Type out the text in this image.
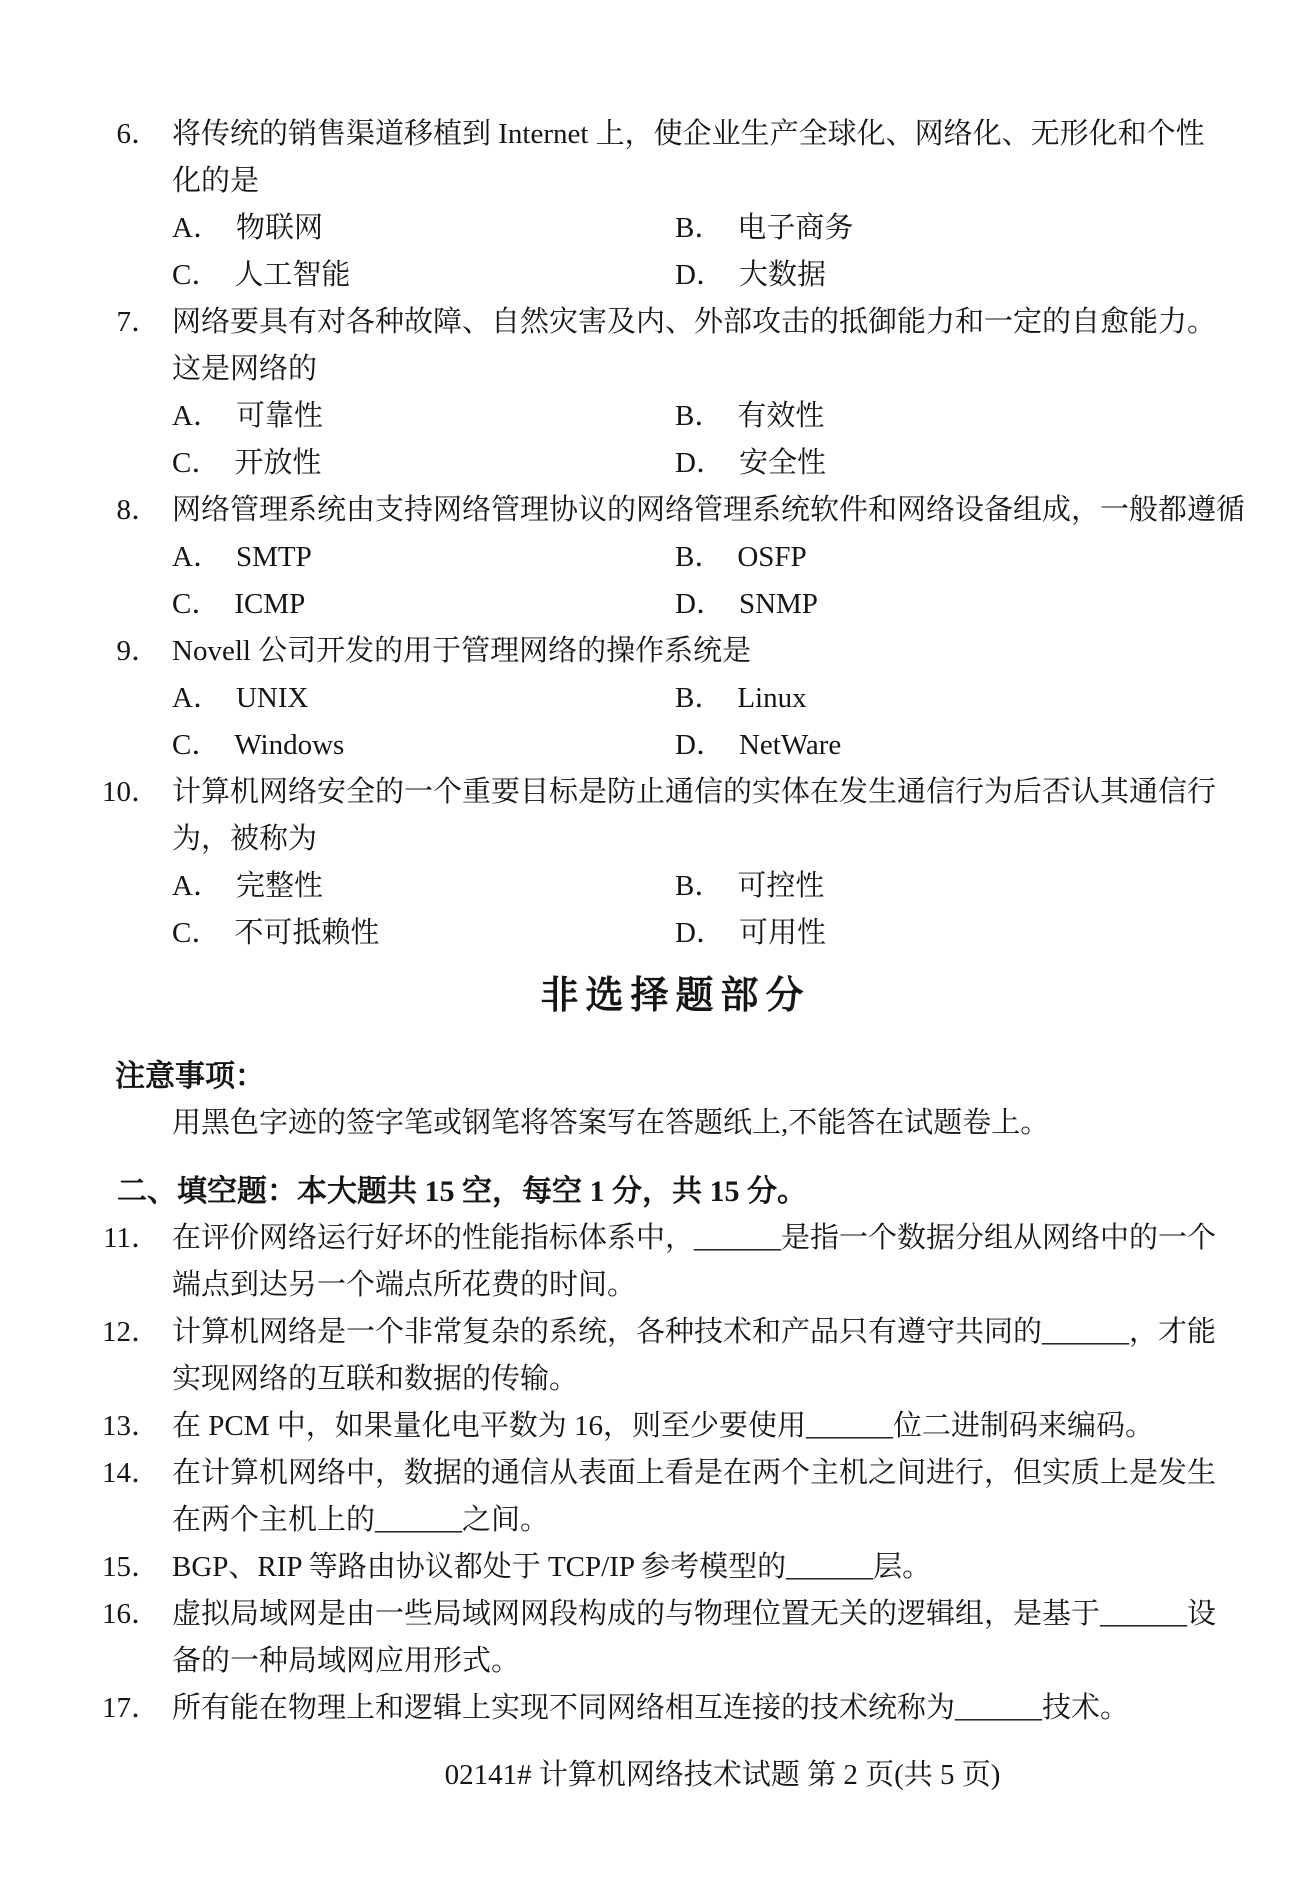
6． 将传统的销售渠道移植到 Internet 上，使企业生产全球化、网络化、无形化和个性
化的是
A． 物联网	B． 电子商务
C． 人工智能	D． 大数据
7． 网络要具有对各种故障、自然灾害及内、外部攻击的抵御能力和一定的自愈能力。
这是网络的
A． 可靠性	B． 有效性
C． 开放性	D． 安全性
8． 网络管理系统由支持网络管理协议的网络管理系统软件和网络设备组成，一般都遵循
A． SMTP	B． OSFP
C． ICMP	D． SNMP
9． Novell 公司开发的用于管理网络的操作系统是
A． UNIX	B． Linux
C． Windows	D． NetWare
10． 计算机网络安全的一个重要目标是防止通信的实体在发生通信行为后否认其通信行
为，被称为
A． 完整性	B． 可控性
C． 不可抵赖性	D． 可用性
非选择题部分
注意事项：
用黑色字迹的签字笔或钢笔将答案写在答题纸上,不能答在试题卷上。
二、填空题：本大题共 15 空，每空 1 分，共 15 分。
11． 在评价网络运行好坏的性能指标体系中，______是指一个数据分组从网络中的一个
端点到达另一个端点所花费的时间。
12． 计算机网络是一个非常复杂的系统，各种技术和产品只有遵守共同的______，才能
实现网络的互联和数据的传输。
13． 在 PCM 中，如果量化电平数为 16，则至少要使用______位二进制码来编码。
14． 在计算机网络中，数据的通信从表面上看是在两个主机之间进行，但实质上是发生
在两个主机上的______之间。
15． BGP、RIP 等路由协议都处于 TCP/IP 参考模型的______层。
16． 虚拟局域网是由一些局域网网段构成的与物理位置无关的逻辑组，是基于______设
备的一种局域网应用形式。
17． 所有能在物理上和逻辑上实现不同网络相互连接的技术统称为______技术。
02141# 计算机网络技术试题 第 2 页(共 5 页)
